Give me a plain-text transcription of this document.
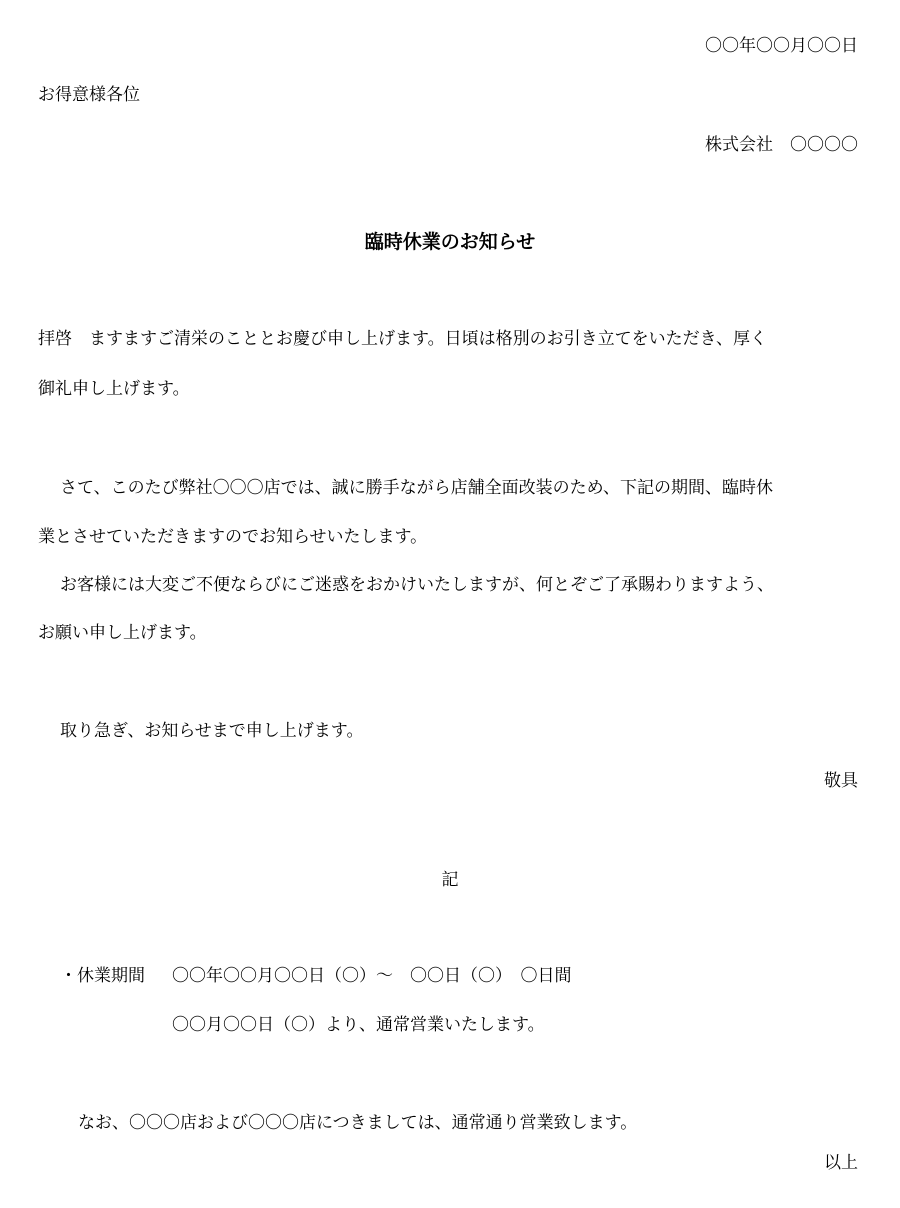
〇〇年〇〇月〇〇日
お得意様各位
株式会社　〇〇〇〇
臨時休業のお知らせ
拝啓　ますますご清栄のこととお慶び申し上げます。日頃は格別のお引き立てをいただき、厚く
御礼申し上げます。
さて、このたび弊社〇〇〇店では、誠に勝手ながら店舗全面改装のため、下記の期間、臨時休
業とさせていただきますのでお知らせいたします。
お客様には大変ご不便ならびにご迷惑をおかけいたしますが、何とぞご了承賜わりますよう、
お願い申し上げます。
取り急ぎ、お知らせまで申し上げます。
敬具
記
・休業期間 〇〇年〇〇月〇〇日（〇）～　〇〇日（〇）　〇日間
〇〇月〇〇日（〇）より、通常営業いたします。
なお、〇〇〇店および〇〇〇店につきましては、通常通り営業致します。
以上
